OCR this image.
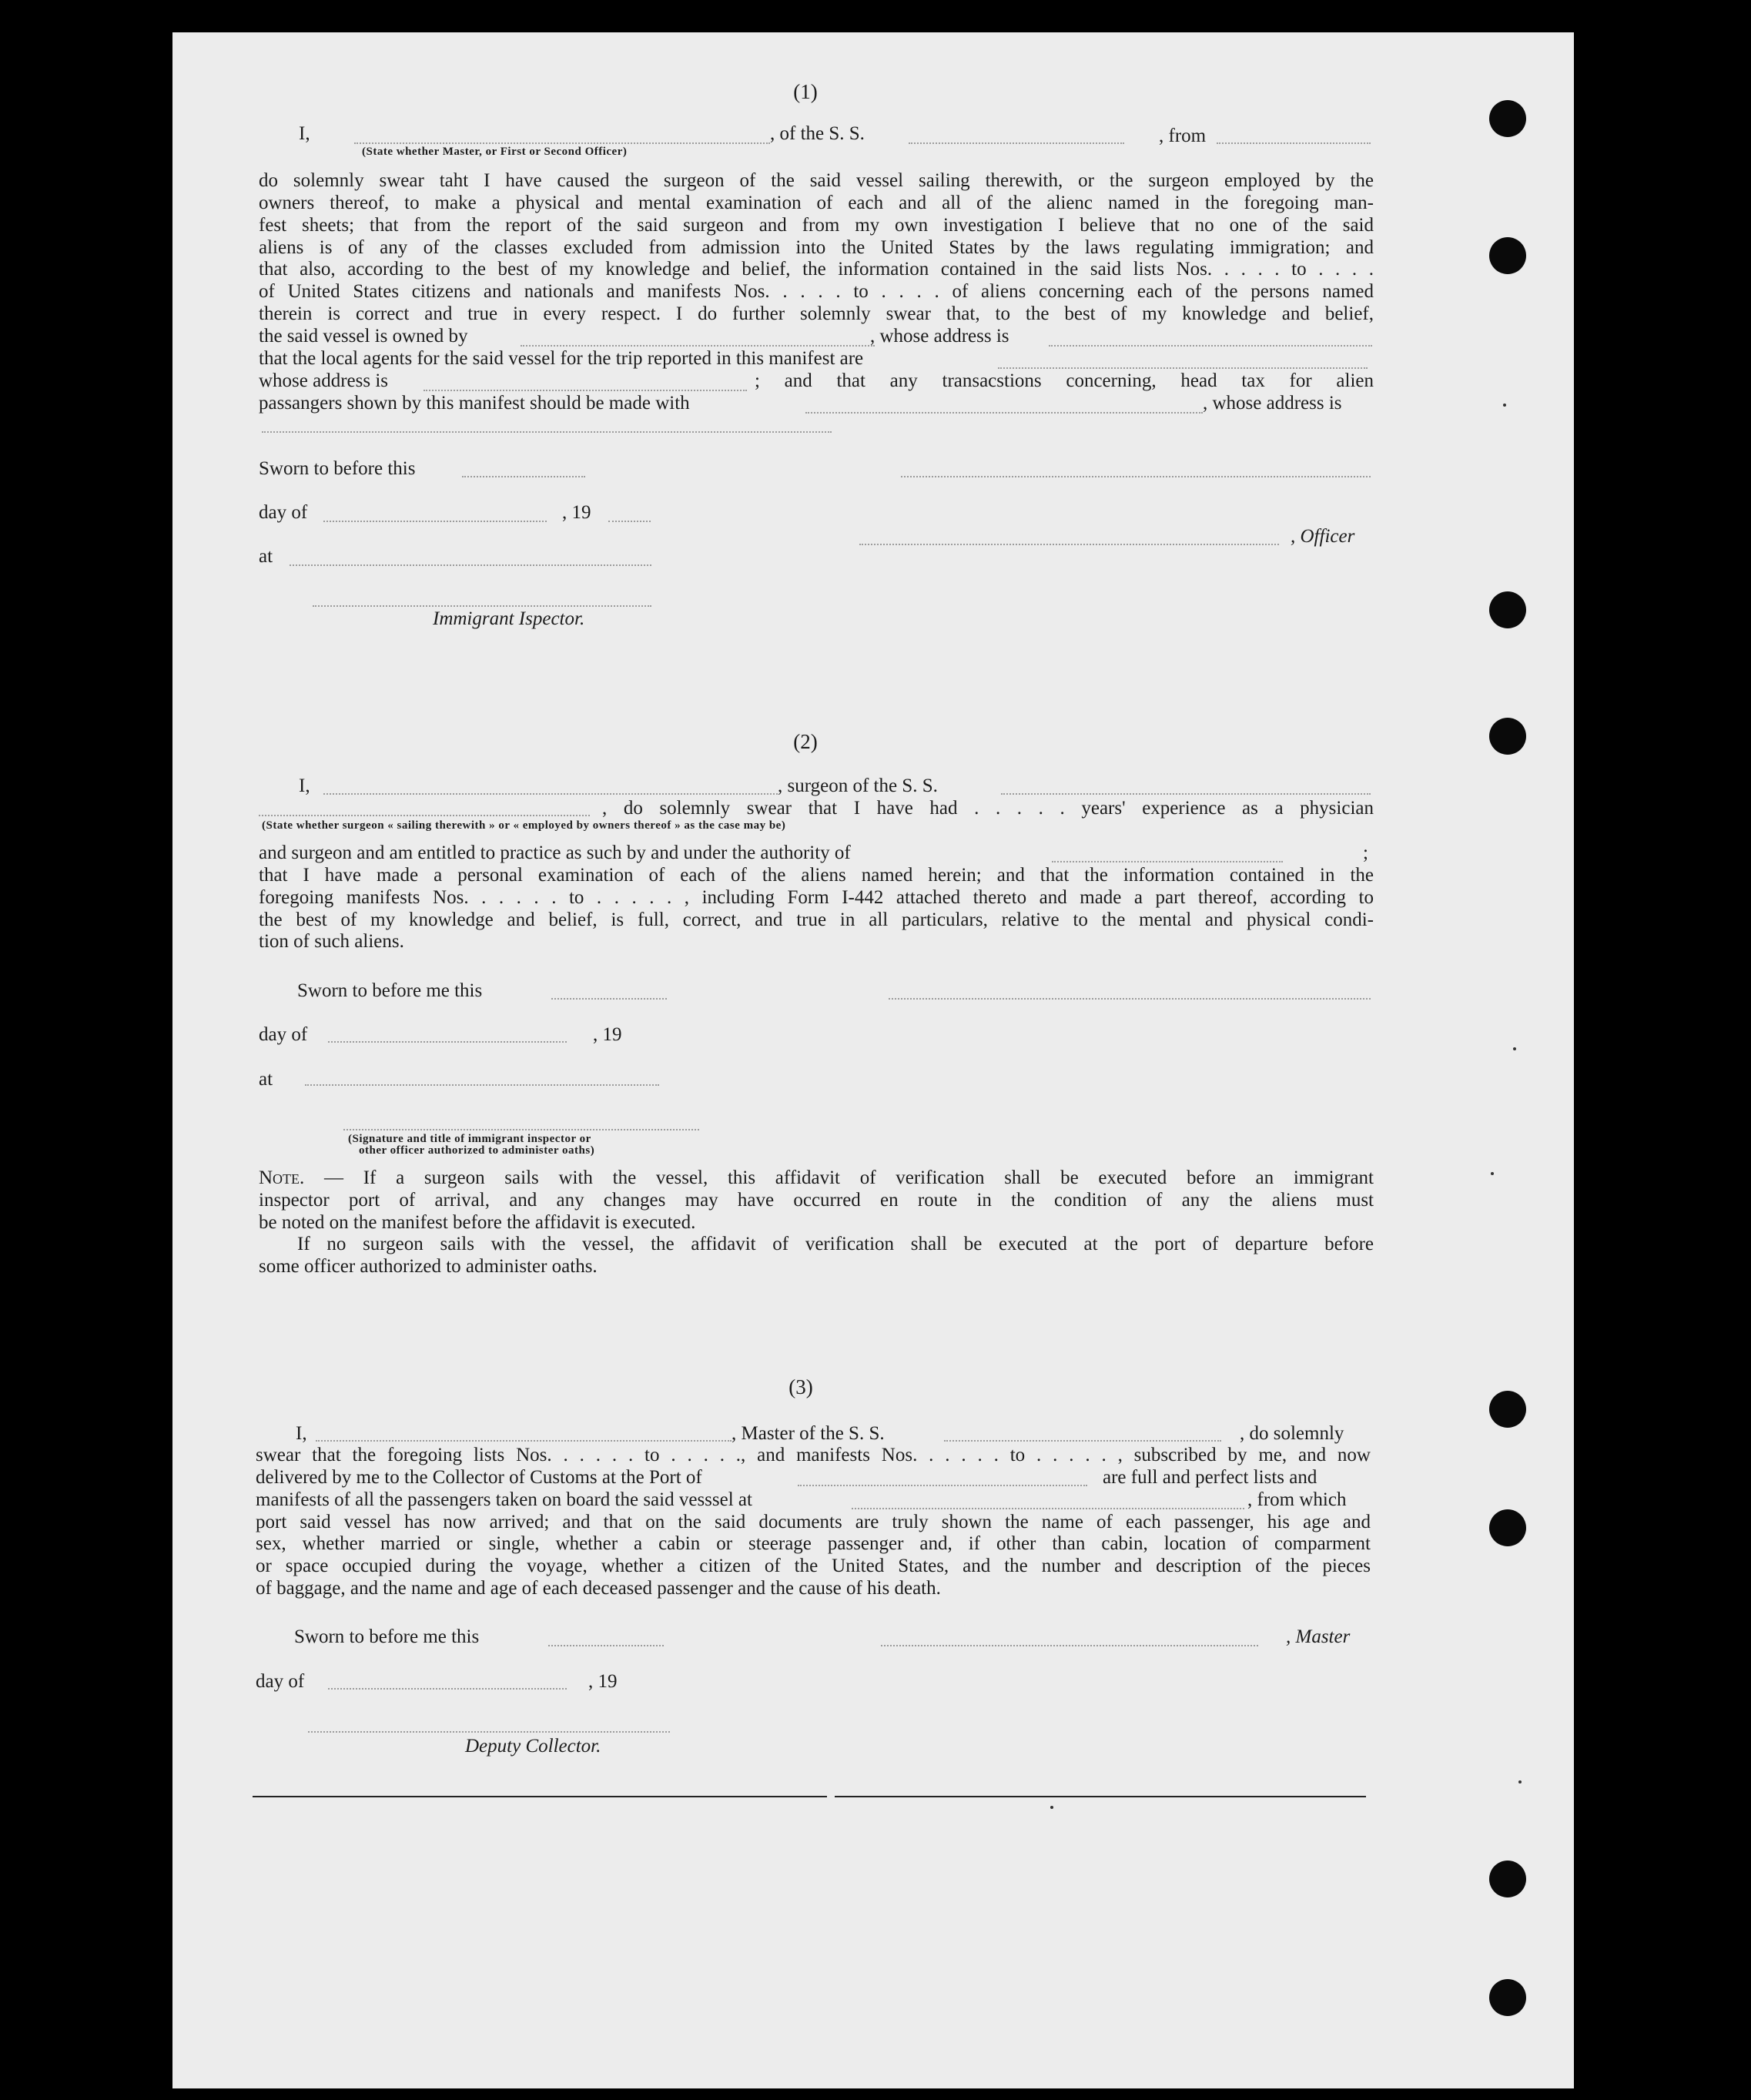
(1)
I,
(State whether Master, or First or Second Officer)
, of the S. S.	, from
do solemnly swear taht I have caused the surgeon of the said vessel sailing therewith, or the surgeon employed by the
owners thereof, to make a physical and mental examination of each and all of the alienc named in the foregoing man-
fest sheets; that from the report of the said surgeon and from my own investigation I believe that no one of the said
aliens is of any of the classes excluded from admission into the United States by the laws regulating immigration; and
that also, according to the best of my knowledge and belief, the information contained in the said lists Nos. . . . . to . . . .
of United States citizens and nationals and manifests Nos. . . . . to . . . . of aliens concerning each of the persons named
therein is correct and true in every respect. I do further solemnly swear that, to the best of my knowledge and belief,
the said vessel is owned by	, whose address is
that the local agents for the said vessel for the trip reported in this manifest are
whose address is	; and that any transacstions concerning, head tax for alien
passangers shown by this manifest should be made with	, whose address is
Sworn to before this
day of	, 19
, Officer
at
Immigrant Ispector.
(2)
I,	, surgeon of the S. S.
, do solemnly swear that I have had . . . . . years' experience as a physician
(State whether surgeon « sailing therewith » or « employed by owners thereof » as the case may be)
and surgeon and am entitled to practice as such by and under the authority of	;
that I have made a personal examination of each of the aliens named herein; and that the information contained in the
foregoing manifests Nos. . . . . . to . . . . . , including Form I-442 attached thereto and made a part thereof, according to
the best of my knowledge and belief, is full, correct, and true in all particulars, relative to the mental and physical condi-
tion of such aliens.
Sworn to before me this
day of	, 19
at
(Signature and title of immigrant inspector or
other officer authorized to administer oaths)
Note. — If a surgeon sails with the vessel, this affidavit of verification shall be executed before an immigrant
inspector port of arrival, and any changes may have occurred en route in the condition of any the aliens must
be noted on the manifest before the affidavit is executed.
If no surgeon sails with the vessel, the affidavit of verification shall be executed at the port of departure before
some officer authorized to administer oaths.
(3)
I,	, Master of the S. S.	, do solemnly
swear that the foregoing lists Nos. . . . . . to . . . . ., and manifests Nos. . . . . . to . . . . . , subscribed by me, and now
delivered by me to the Collector of Customs at the Port of	are full and perfect lists and
manifests of all the passengers taken on board the said vesssel at	, from which
port said vessel has now arrived; and that on the said documents are truly shown the name of each passenger, his age and
sex, whether married or single, whether a cabin or steerage passenger and, if other than cabin, location of comparment
or space occupied during the voyage, whether a citizen of the United States, and the number and description of the pieces
of baggage, and the name and age of each deceased passenger and the cause of his death.
Sworn to before me this	, Master
day of	, 19
Deputy Collector.
